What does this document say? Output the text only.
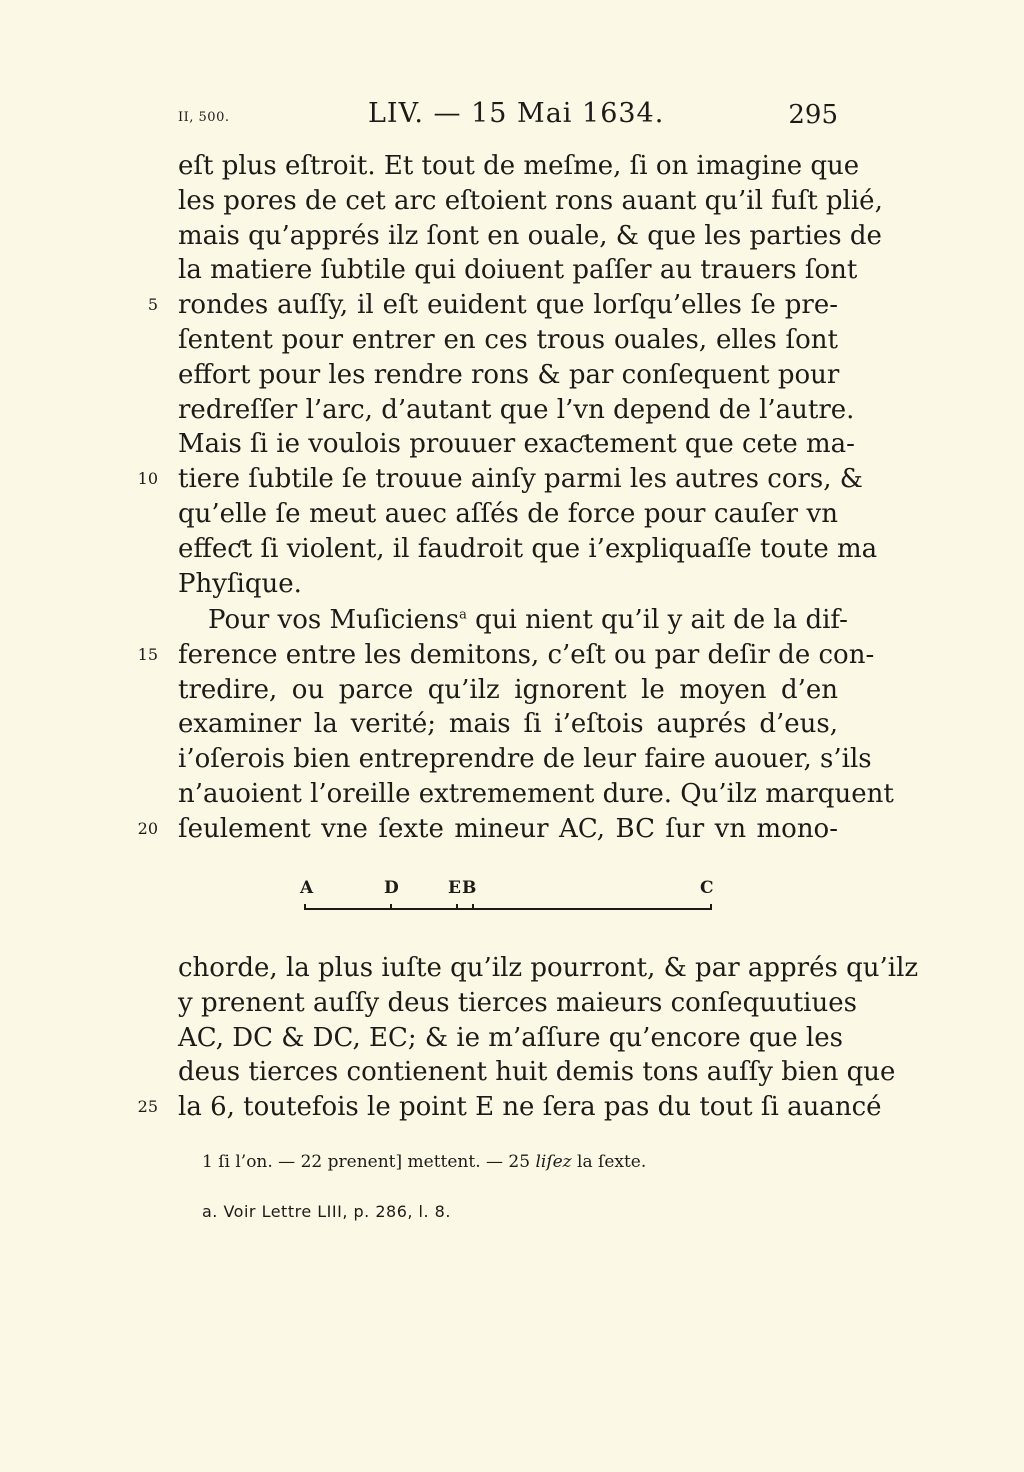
II, 500.	LIV. — 15 Mai 1634.	295
eſt plus eſtroit. Et tout de meſme, ſi on imagine que
les pores de cet arc eſtoient rons auant qu’il fuſt plié,
mais qu’apprés ilz ſont en ouale, & que les parties de
la matiere ſubtile qui doiuent paſſer au trauers ſont
5 rondes auſſy, il eſt euident que lorſqu’elles ſe pre-
ſentent pour entrer en ces trous ouales, elles ſont
effort pour les rendre rons & par conſequent pour
redreſſer l’arc, d’autant que l’vn depend de l’autre.
Mais ſi ie voulois prouuer exaƈtement que cete ma-
10 tiere ſubtile ſe trouue ainſy parmi les autres cors, &
qu’elle ſe meut auec aſſés de force pour cauſer vn
effeƈt ſi violent, il faudroit que i’expliquaſſe toute ma
Phyſique.
Pour vos Muſiciens$^a$ qui nient qu’il y ait de la dif-
15 ference entre les demitons, c’eſt ou par deſir de con-
tredire, ou parce qu’ilz ignorent le moyen d’en
examiner la verité; mais ſi i’eſtois auprés d’eus,
i’oſerois bien entreprendre de leur faire auouer, s’ils
n’auoient l’oreille extremement dure. Qu’ilz marquent
20 ſeulement vne ſexte mineur AC, BC ſur vn mono-
A	D	EB	C
chorde, la plus iuſte qu’ilz pourront, & par apprés qu’ilz
y prenent auſſy deus tierces maieurs conſequutiues
AC, DC & DC, EC; & ie m’aſſure qu’encore que les
deus tierces contienent huit demis tons auſſy bien que
25 la 6, toutefois le point E ne ſera pas du tout ſi auancé
1 ſi l’on. — 22 prenent] mettent. — 25 liſez la ſexte.
a. Voir Lettre LIII, p. 286, l. 8.
